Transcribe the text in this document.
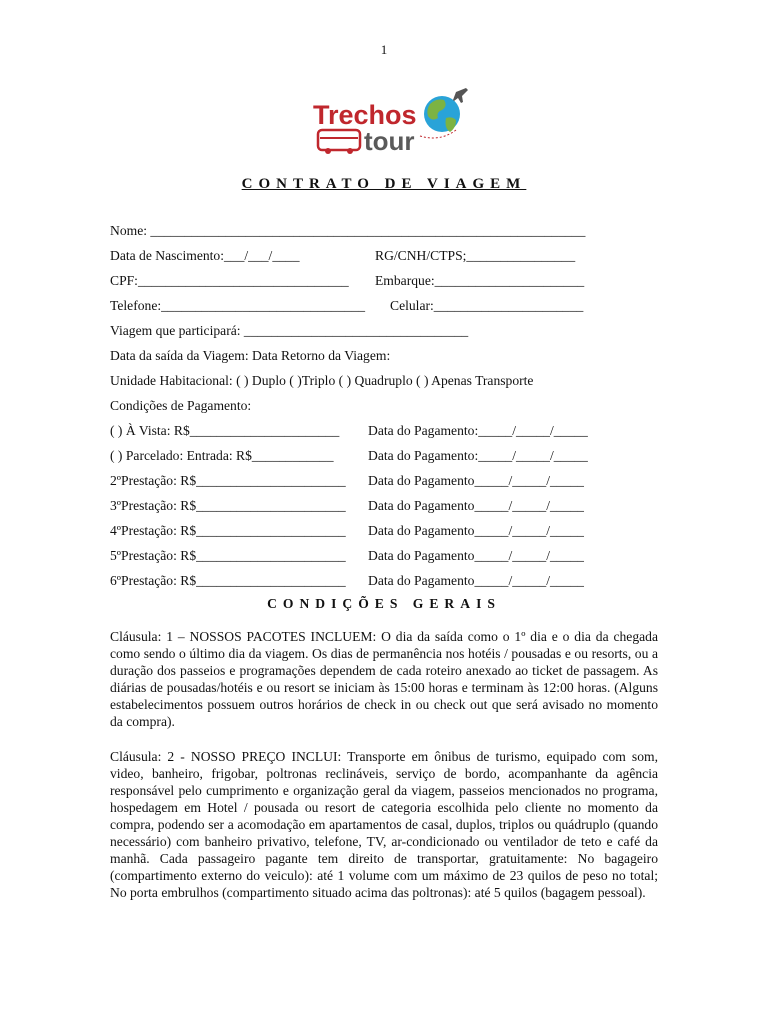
1
Trechos
tour
CONTRATO DE VIAGEM
Nome: ________________________________________________________________
Data de Nascimento:___/___/____	RG/CNH/CTPS;________________
CPF:_______________________________ Embarque:______________________
Telefone:______________________________ Celular:______________________
Viagem que participará: _________________________________
Data da saída da Viagem: Data Retorno da Viagem:
Unidade Habitacional: ( ) Duplo ( )Triplo ( ) Quadruplo ( ) Apenas Transporte
Condições de Pagamento:
( ) À Vista: R$______________________ Data do Pagamento:_____/_____/_____
( ) Parcelado: Entrada: R$____________	Data do Pagamento:_____/_____/_____
2ºPrestação: R$______________________ Data do Pagamento_____/_____/_____
3ºPrestação: R$______________________ Data do Pagamento_____/_____/_____
4ºPrestação: R$______________________ Data do Pagamento_____/_____/_____
5ºPrestação: R$______________________ Data do Pagamento_____/_____/_____
6ºPrestação: R$______________________ Data do Pagamento_____/_____/_____
CONDIÇÕES GERAIS

Cláusula: 1 – NOSSOS PACOTES INCLUEM: O dia da saída como o 1º dia e o dia da chegada como sendo o último dia da viagem. Os dias de permanência nos hotéis / pousadas e ou resorts, ou a duração dos passeios e programações dependem de cada roteiro anexado ao ticket de passagem. As diárias de pousadas/hotéis e ou resort se iniciam às 15:00 horas e terminam às 12:00 horas. (Alguns estabelecimentos possuem outros horários de check in ou check out que será avisado no momento da compra).

Cláusula: 2 - NOSSO PREÇO INCLUI: Transporte em ônibus de turismo, equipado com som, video, banheiro, frigobar, poltronas reclináveis, serviço de bordo, acompanhante da agência responsável pelo cumprimento e organização geral da viagem, passeios mencionados no programa, hospedagem em Hotel / pousada ou resort de categoria escolhida pelo cliente no momento da compra, podendo ser a acomodação em apartamentos de casal, duplos, triplos ou quádruplo (quando necessário) com banheiro privativo, telefone, TV, ar-condicionado ou ventilador de teto e café da manhã. Cada passageiro pagante tem direito de transportar, gratuitamente: No bagageiro (compartimento externo do veiculo): até 1 volume com um máximo de 23 quilos de peso no total; No porta embrulhos (compartimento situado acima das poltronas): até 5 quilos (bagagem pessoal).
